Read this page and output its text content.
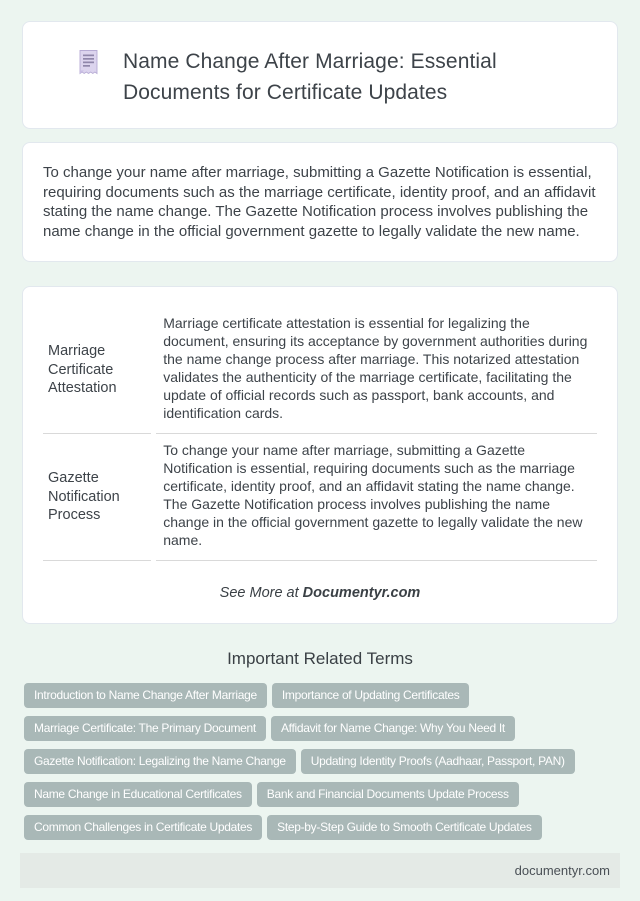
Name Change After Marriage: Essential Documents for Certificate Updates

To change your name after marriage, submitting a Gazette Notification is essential, requiring documents such as the marriage certificate, identity proof, and an affidavit stating the name change. The Gazette Notification process involves publishing the name change in the official government gazette to legally validate the new name.

Marriage Certificate Attestation	Marriage certificate attestation is essential for legalizing the document, ensuring its acceptance by government authorities during the name change process after marriage. This notarized attestation validates the authenticity of the marriage certificate, facilitating the update of official records such as passport, bank accounts, and identification cards.
Gazette Notification Process	To change your name after marriage, submitting a Gazette Notification is essential, requiring documents such as the marriage certificate, identity proof, and an affidavit stating the name change. The Gazette Notification process involves publishing the name change in the official government gazette to legally validate the new name.
See More at Documentyr.com
Important Related Terms
Introduction to Name Change After Marriage	Importance of Updating Certificates
Marriage Certificate: The Primary Document	Affidavit for Name Change: Why You Need It
Gazette Notification: Legalizing the Name Change	Updating Identity Proofs (Aadhaar, Passport, PAN)
Name Change in Educational Certificates	Bank and Financial Documents Update Process
Common Challenges in Certificate Updates	Step-by-Step Guide to Smooth Certificate Updates
documentyr.com
